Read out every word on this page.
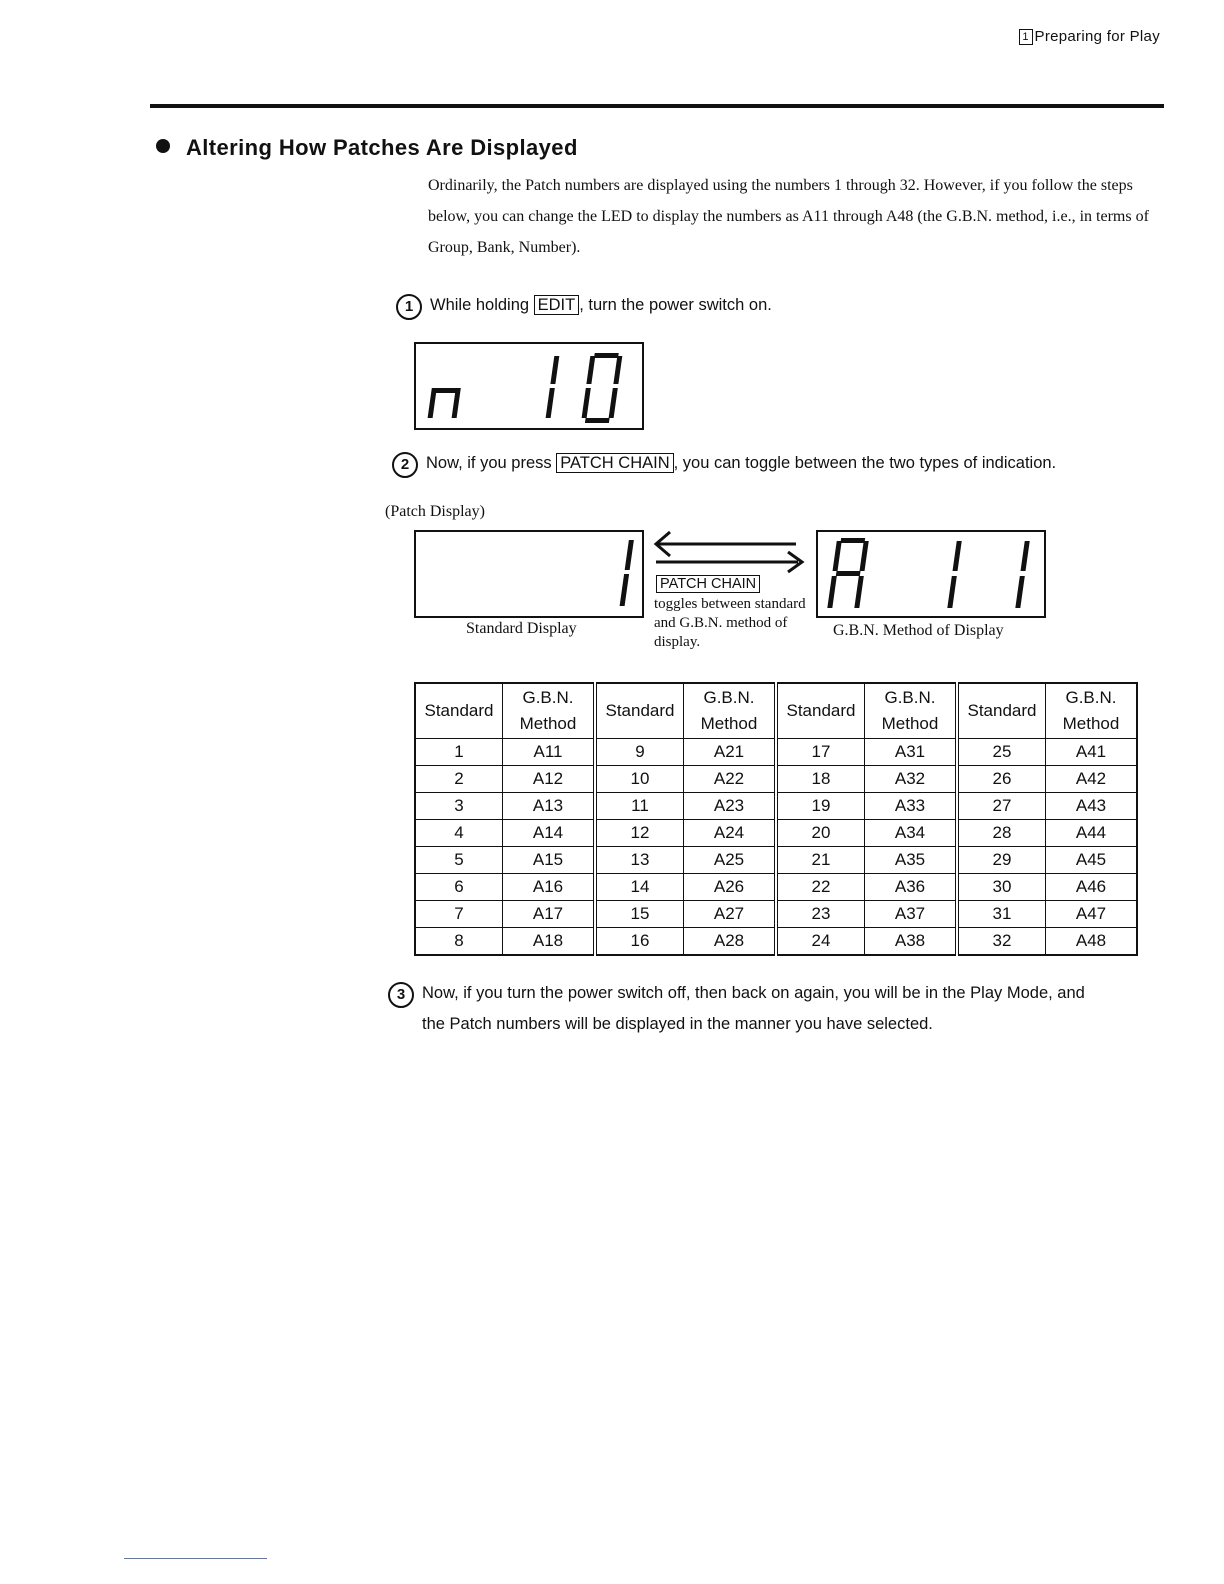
1 Preparing for Play
Altering How Patches Are Displayed

Ordinarily, the Patch numbers are displayed using the numbers 1 through 32. However, if you follow the steps below, you can change the LED to display the numbers as A11 through A48 (the G.B.N. method, i.e., in terms of Group, Bank, Number).

1 While holding EDIT , turn the power switch on.
2 Now, if you press PATCH CHAIN , you can toggle between the two types of indication.
(Patch Display)
PATCH CHAIN

toggles between standard and G.B.N. method of display.

Standard Display	G.B.N. Method of Display
Standard	G.B.N.
Method	Standard	G.B.N.
Method	Standard	G.B.N.
Method	Standard	G.B.N.
Method
1	A11	9	A21	17	A31	25	A41
2	A12	10	A22	18	A32	26	A42
3	A13	11	A23	19	A33	27	A43
4	A14	12	A24	20	A34	28	A44
5	A15	13	A25	21	A35	29	A45
6	A16	14	A26	22	A36	30	A46
7	A17	15	A27	23	A37	31	A47
8	A18	16	A28	24	A38	32	A48
3 Now, if you turn the power switch off, then back on again, you will be in the Play Mode, and
the Patch numbers will be displayed in the manner you have selected.
